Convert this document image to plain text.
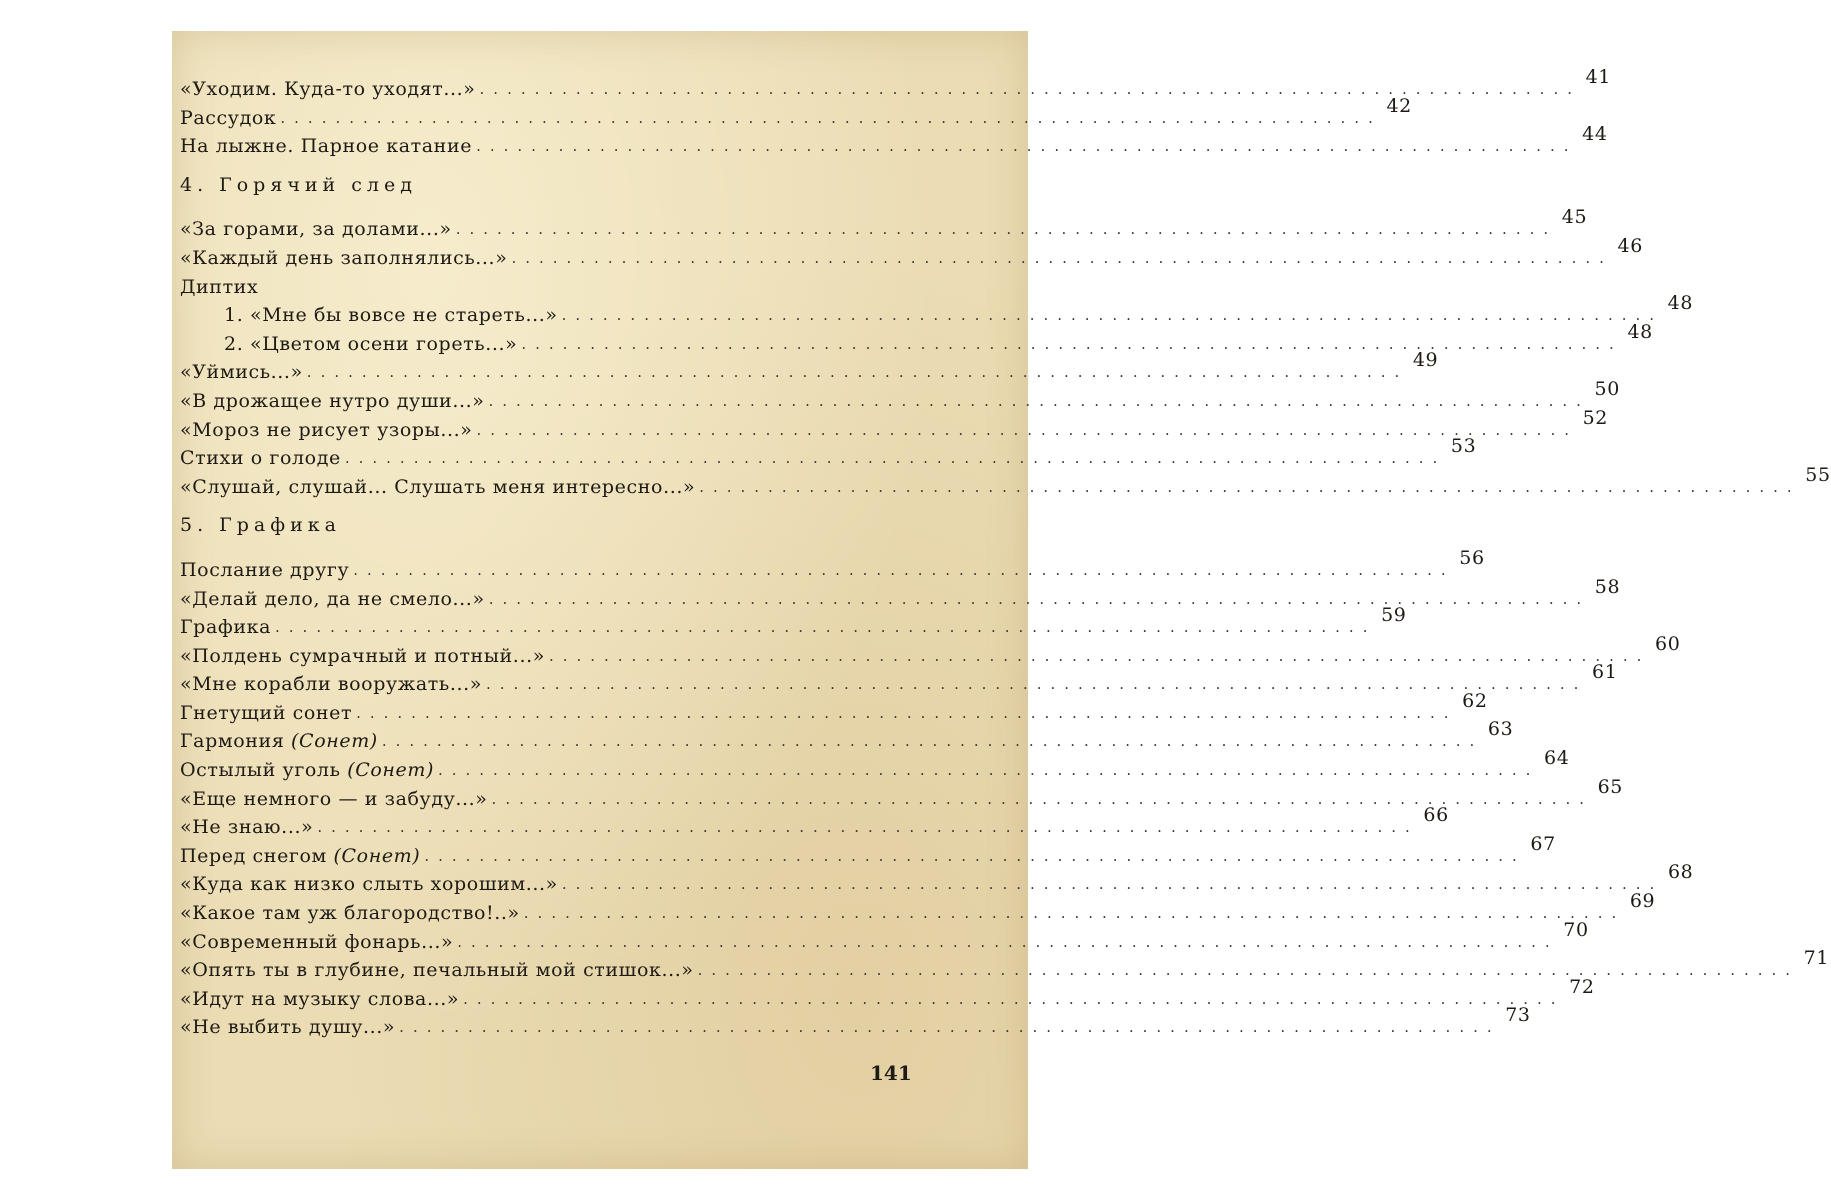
«Уходим. Куда-то уходят...» ................................................................................
41
Рассудок ................................................................................
42
На лыжне. Парное катание ................................................................................
44
4. Горячий след
«За горами, за долами...» ................................................................................
45
«Каждый день заполнялись...» ................................................................................
46
Диптих
1. «Мне бы вовсе не стареть...» ................................................................................
48
2. «Цветом осени гореть...» ................................................................................
48
«Уймись...» ................................................................................
49
«В дрожащее нутро души...» ................................................................................
50
«Мороз не рисует узоры...» ................................................................................
52
Стихи о голоде ................................................................................
53
«Слушай, слушай... Слушать меня интересно...» ................................................................................
55
5. Графика
Послание другу ................................................................................
56
«Делай дело, да не смело...» ................................................................................
58
Графика ................................................................................
59
«Полдень сумрачный и потный...» ................................................................................
60
«Мне корабли вооружать...» ................................................................................
61
Гнетущий сонет ................................................................................
62
Гармония (Сонет) ................................................................................
63
Остылый уголь (Сонет) ................................................................................
64
«Еще немного — и забуду...» ................................................................................
65
«Не знаю...» ................................................................................
66
Перед снегом (Сонет) ................................................................................
67
«Куда как низко слыть хорошим...» ................................................................................
68
«Какое там уж благородство!..» ................................................................................
69
«Современный фонарь...» ................................................................................
70
«Опять ты в глубине, печальный мой стишок...» ................................................................................
71
«Идут на музыку слова...» ................................................................................
72
«Не выбить душу...» ................................................................................
73
141
